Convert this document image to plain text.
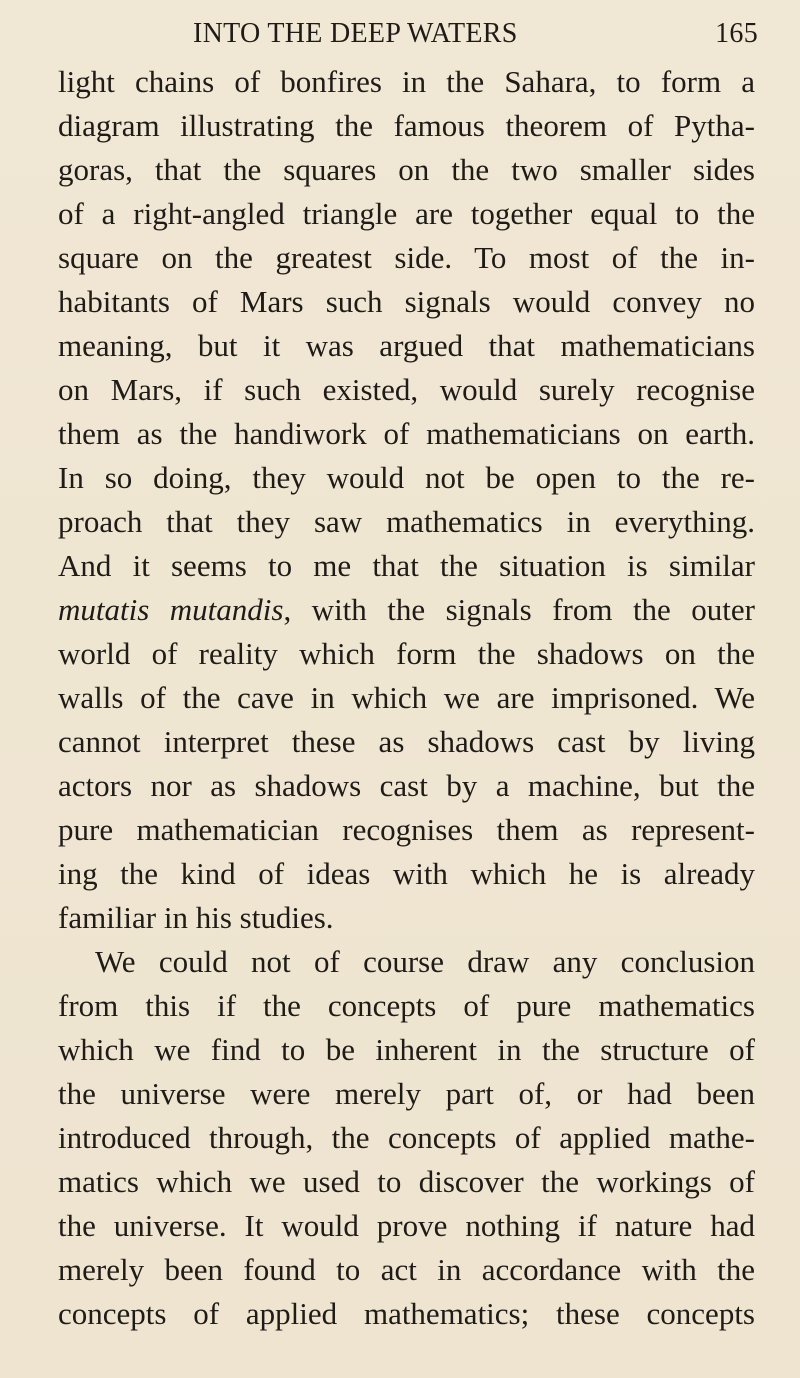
INTO THE DEEP WATERS	165
light chains of bonfires in the Sahara, to form a
diagram illustrating the famous theorem of Pytha-
goras, that the squares on the two smaller sides
of a right-angled triangle are together equal to the
square on the greatest side. To most of the in-
habitants of Mars such signals would convey no
meaning, but it was argued that mathematicians
on Mars, if such existed, would surely recognise
them as the handiwork of mathematicians on earth.
In so doing, they would not be open to the re-
proach that they saw mathematics in everything.
And it seems to me that the situation is similar
mutatis mutandis, with the signals from the outer
world of reality which form the shadows on the
walls of the cave in which we are imprisoned. We
cannot interpret these as shadows cast by living
actors nor as shadows cast by a machine, but the
pure mathematician recognises them as represent-
ing the kind of ideas with which he is already
familiar in his studies.
We could not of course draw any conclusion
from this if the concepts of pure mathematics
which we find to be inherent in the structure of
the universe were merely part of, or had been
introduced through, the concepts of applied mathe-
matics which we used to discover the workings of
the universe. It would prove nothing if nature had
merely been found to act in accordance with the
concepts of applied mathematics; these concepts
